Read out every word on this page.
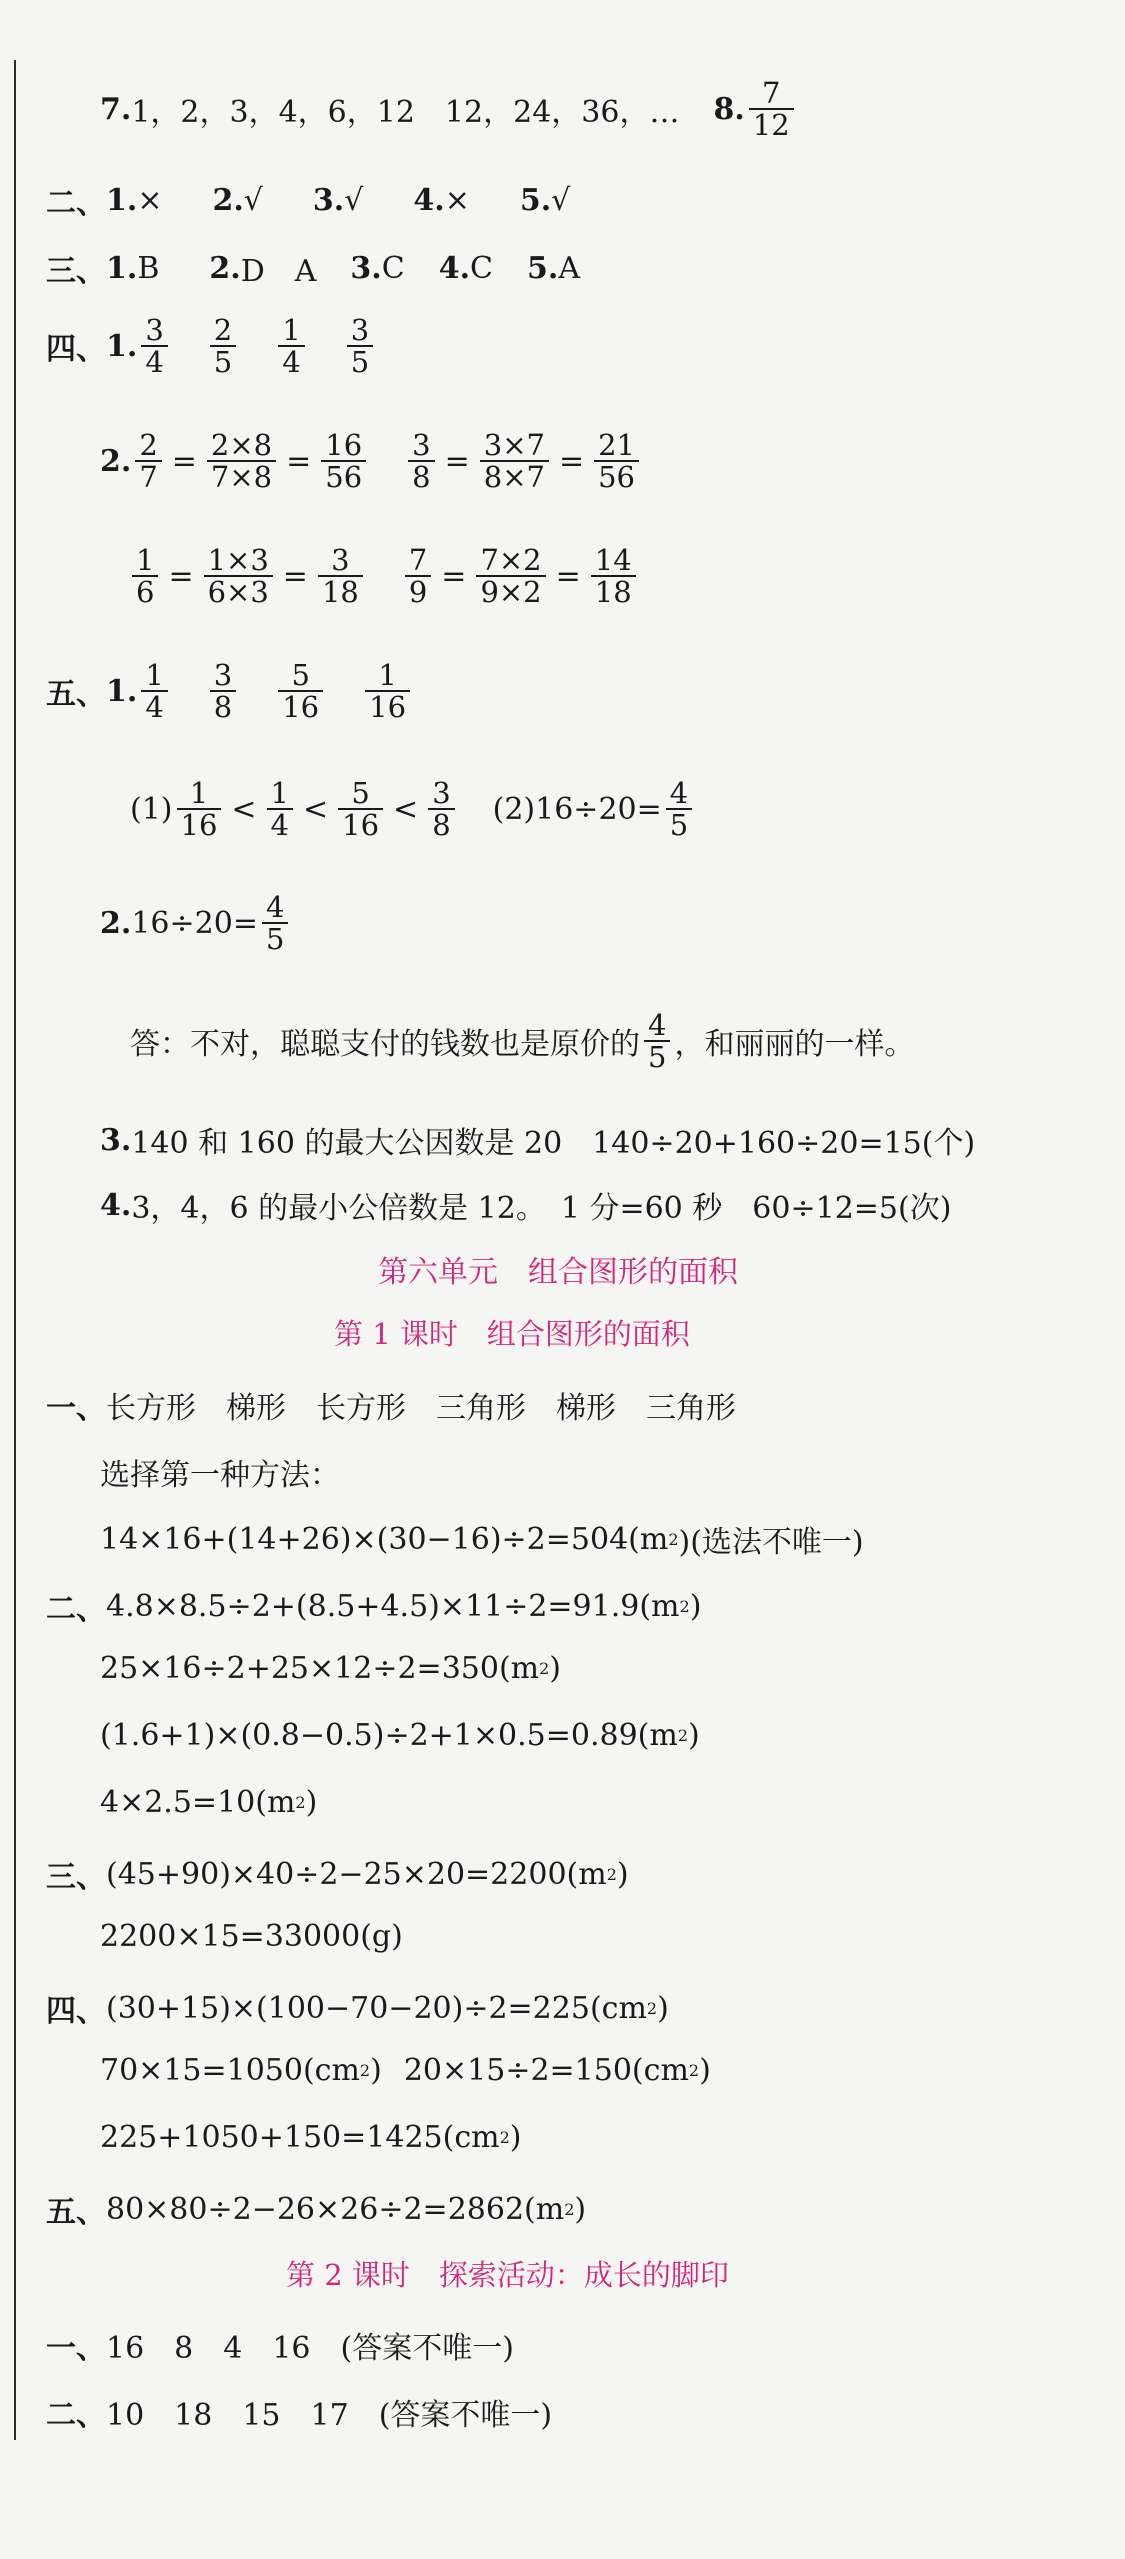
7. 1，2，3，4，6，12　12，24，36，… 8. $\frac{7}{12}$
二、 1. × 2. √ 3. √ 4. × 5. √
三、 1. B 2. D　A 3. C 4. C 5. A
四、 1. $\frac{3}{4} \frac{2}{5} \frac{1}{4} \frac{3}{5}$
2. $\frac{2}{7} = \frac{2\times 8}{7\times 8} = \frac{16}{56} \frac{3}{8} = \frac{3\times 7}{8\times 7} = \frac{21}{56}$
$\frac{1}{6} = \frac{1\times 3}{6\times 3} = \frac{3}{18} \frac{7}{9} = \frac{7\times 2}{9\times 2} = \frac{14}{18}$
五、 1. $\frac{1}{4} \frac{3}{8} \frac{5}{16} \frac{1}{16}$
$(1) \frac{1}{16} < \frac{1}{4} < \frac{5}{16} < \frac{3}{8} (2)16\div 20= \frac{4}{5}$
2. $16\div 20= \frac{4}{5}$
答：不对，聪聪支付的钱数也是原价的 $\frac{4}{5}$ ，和丽丽的一样。
3. 140 和 160 的最大公因数是 20　140÷20+160÷20=15(个)
4. 3，4，6 的最小公倍数是 12。　1 分=60 秒　60÷12=5(次)
第六单元　组合图形的面积
第 1 课时　组合图形的面积
一、 长方形　梯形　长方形　三角形　梯形　三角形
选择第一种方法：
14×16+(14+26)×(30−16)÷2=504(m 2 )(选法不唯一)
二、 4.8×8.5÷2+(8.5+4.5)×11÷2=91.9(m 2 )
25×16÷2+25×12÷2=350(m 2 )
(1.6+1)×(0.8−0.5)÷2+1×0.5=0.89(m 2 )
4×2.5=10(m 2 )
三、 (45+90)×40÷2−25×20=2200(m 2 )
2200×15=33000(g)
四、 (30+15)×(100−70−20)÷2=225(cm 2 )
70×15=1050(cm 2 ) 20×15÷2=150(cm 2 )
225+1050+150=1425(cm 2 )
五、 80×80÷2−26×26÷2=2862(m 2 )
第 2 课时　探索活动：成长的脚印
一、 16　8　4　16　(答案不唯一)
二、 10　18　15　17　(答案不唯一)
